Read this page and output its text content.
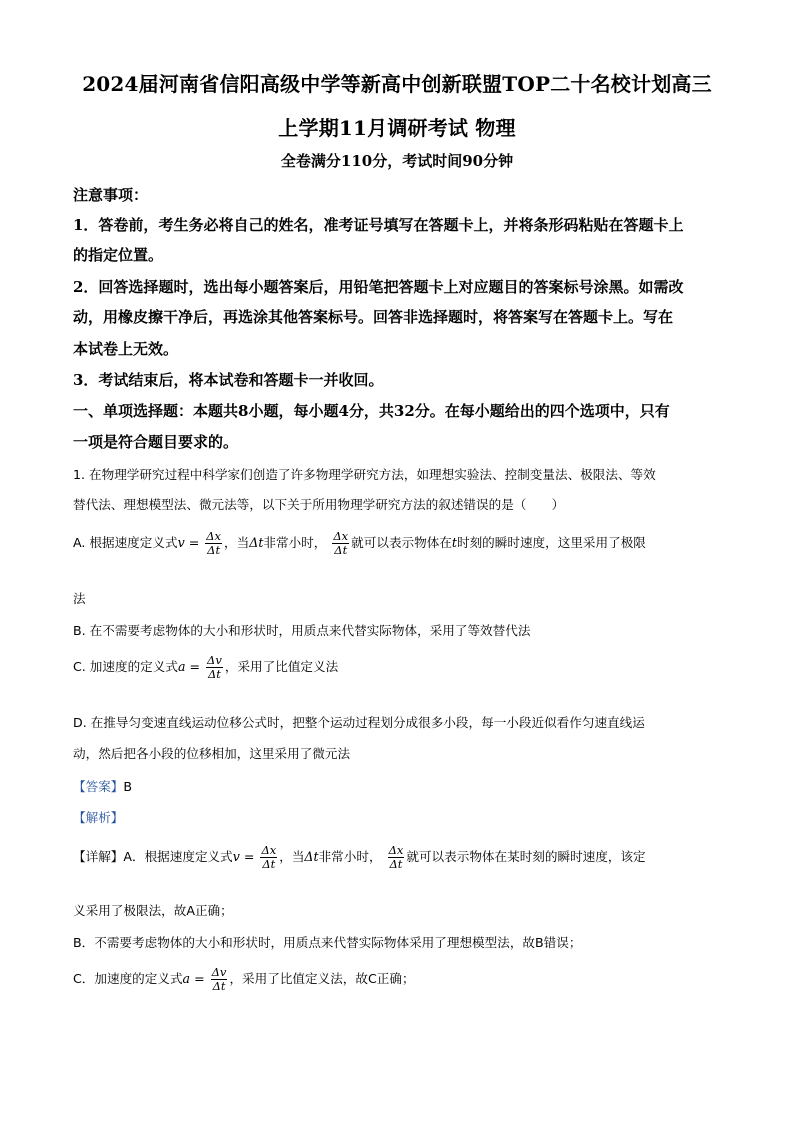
2024届河南省信阳高级中学等新高中创新联盟TOP二十名校计划高三
上学期11月调研考试 物理
全卷满分110分，考试时间90分钟
注意事项：
1．答卷前，考生务必将自己的姓名，准考证号填写在答题卡上，并将条形码粘贴在答题卡上
的指定位置。
2．回答选择题时，选出每小题答案后，用铅笔把答题卡上对应题目的答案标号涂黑。如需改
动，用橡皮擦干净后，再选涂其他答案标号。回答非选择题时，将答案写在答题卡上。写在
本试卷上无效。
3．考试结束后，将本试卷和答题卡一并收回。
一、单项选择题：本题共8小题，每小题4分，共32分。在每小题给出的四个选项中，只有
一项是符合题目要求的。
1. 在物理学研究过程中科学家们创造了许多物理学研究方法，如理想实验法、控制变量法、极限法、等效
替代法、理想模型法、微元法等，以下关于所用物理学研究方法的叙述错误的是（　　）
A. 根据速度定义式$v = \frac{\Delta x}{\Delta t}$ ，当Δt非常小时， $\frac{\Delta x}{\Delta t}$ 就可以表示物体在t时刻的瞬时速度，这里采用了极限
法
B. 在不需要考虑物体的大小和形状时，用质点来代替实际物体，采用了等效替代法
C. 加速度的定义式$a = \frac{\Delta v}{\Delta t}$ ，采用了比值定义法
D. 在推导匀变速直线运动位移公式时，把整个运动过程划分成很多小段，每一小段近似看作匀速直线运
动，然后把各小段的位移相加，这里采用了微元法
【答案】B
【解析】
【详解】A．根据速度定义式$v = \frac{\Delta x}{\Delta t}$ ，当Δt非常小时， $\frac{\Delta x}{\Delta t}$ 就可以表示物体在某时刻的瞬时速度，该定
义采用了极限法，故A正确；
B．不需要考虑物体的大小和形状时，用质点来代替实际物体采用了理想模型法，故B错误；
C．加速度的定义式$a = \frac{\Delta v}{\Delta t}$ ，采用了比值定义法，故C正确；
